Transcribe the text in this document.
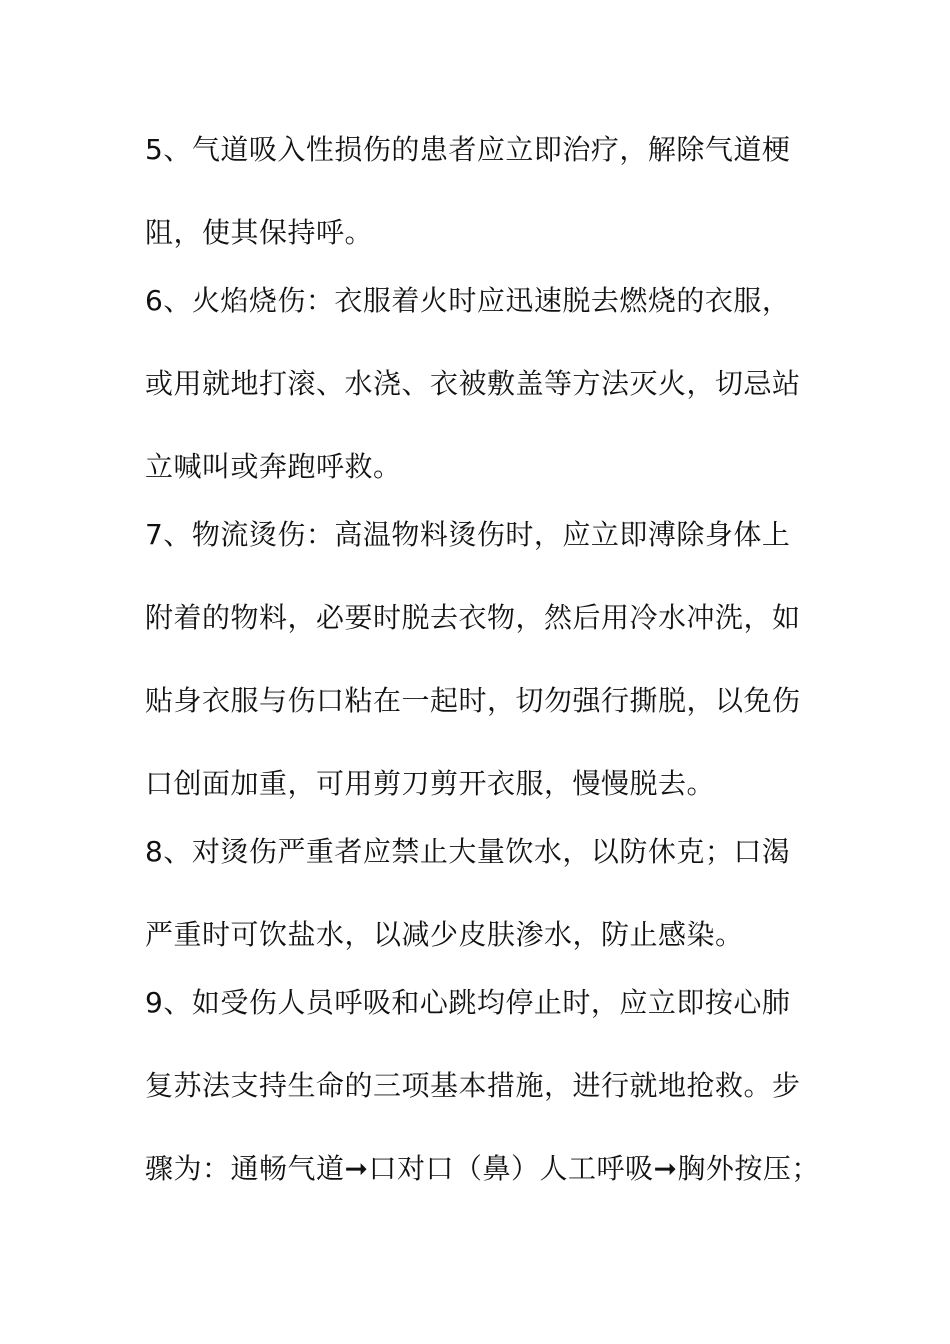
5、气道吸入性损伤的患者应立即治疗，解除气道梗

阻，使其保持呼。

6、火焰烧伤：衣服着火时应迅速脱去燃烧的衣服，

或用就地打滚、水浇、衣被敷盖等方法灭火，切忌站

立喊叫或奔跑呼救。

7、物流烫伤：高温物料烫伤时，应立即溥除身体上

附着的物料，必要时脱去衣物，然后用冷水冲洗，如

贴身衣服与伤口粘在一起时，切勿强行撕脱，以免伤

口创面加重，可用剪刀剪开衣服，慢慢脱去。

8、对烫伤严重者应禁止大量饮水，以防休克；口渴

严重时可饮盐水，以减少皮肤渗水，防止感染。

9、如受伤人员呼吸和心跳均停止时，应立即按心肺

复苏法支持生命的三项基本措施，进行就地抢救。步

骤为：通畅气道➞口对口（鼻）人工呼吸➞胸外按压；
